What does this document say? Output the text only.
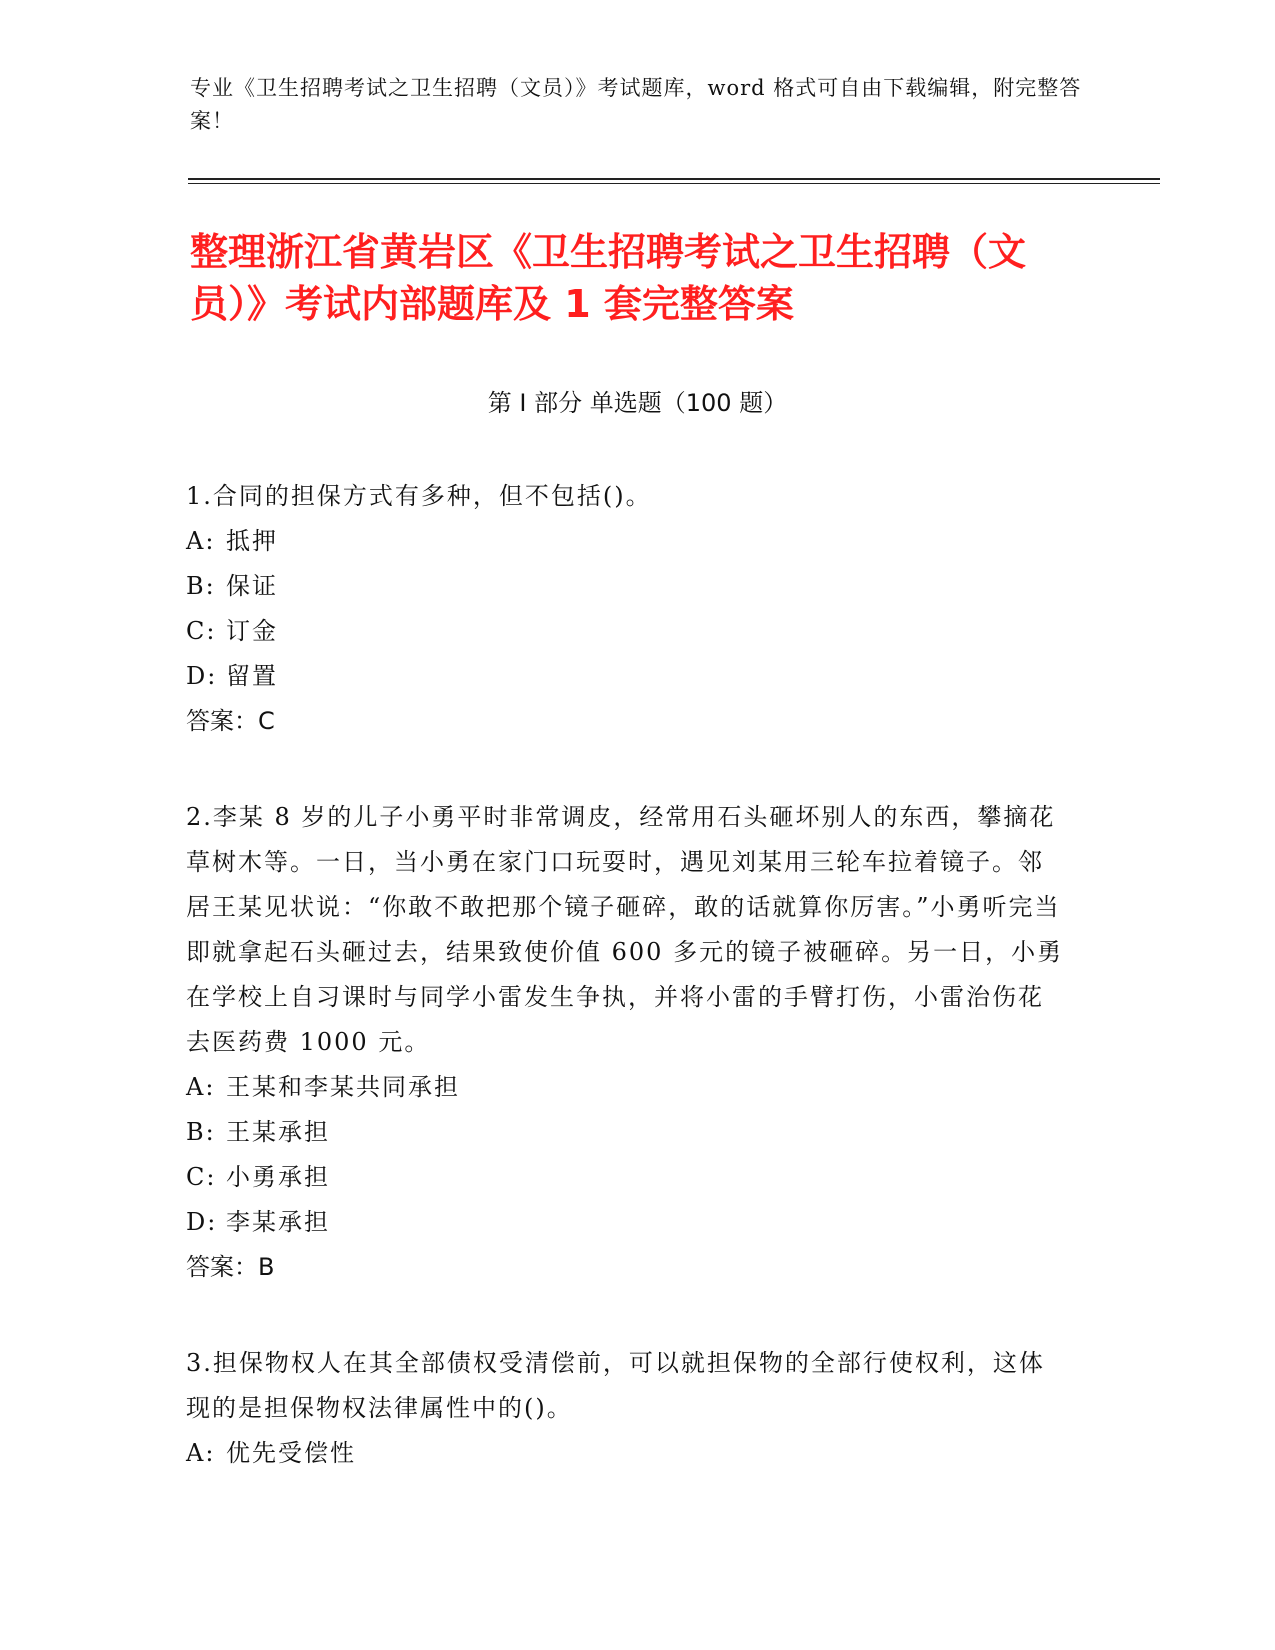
专业《卫生招聘考试之卫生招聘（文员）》考试题库，word 格式可自由下载编辑，附完整答案！
整理浙江省黄岩区《卫生招聘考试之卫生招聘（文员）》考试内部题库及 1 套完整答案
第 I 部分 单选题（100 题）

1.合同的担保方式有多种，但不包括()。

A: 抵押

B: 保证

C: 订金

D: 留置

答案：C

2.李某 8 岁的儿子小勇平时非常调皮，经常用石头砸坏别人的东西，攀摘花草树木等。一日，当小勇在家门口玩耍时，遇见刘某用三轮车拉着镜子。邻居王某见状说：“你敢不敢把那个镜子砸碎，敢的话就算你厉害。”小勇听完当即就拿起石头砸过去，结果致使价值 600 多元的镜子被砸碎。另一日，小勇在学校上自习课时与同学小雷发生争执，并将小雷的手臂打伤，小雷治伤花去医药费 1000 元。

A: 王某和李某共同承担

B: 王某承担

C: 小勇承担

D: 李某承担

答案：B

3.担保物权人在其全部债权受清偿前，可以就担保物的全部行使权利，这体现的是担保物权法律属性中的()。

A: 优先受偿性
